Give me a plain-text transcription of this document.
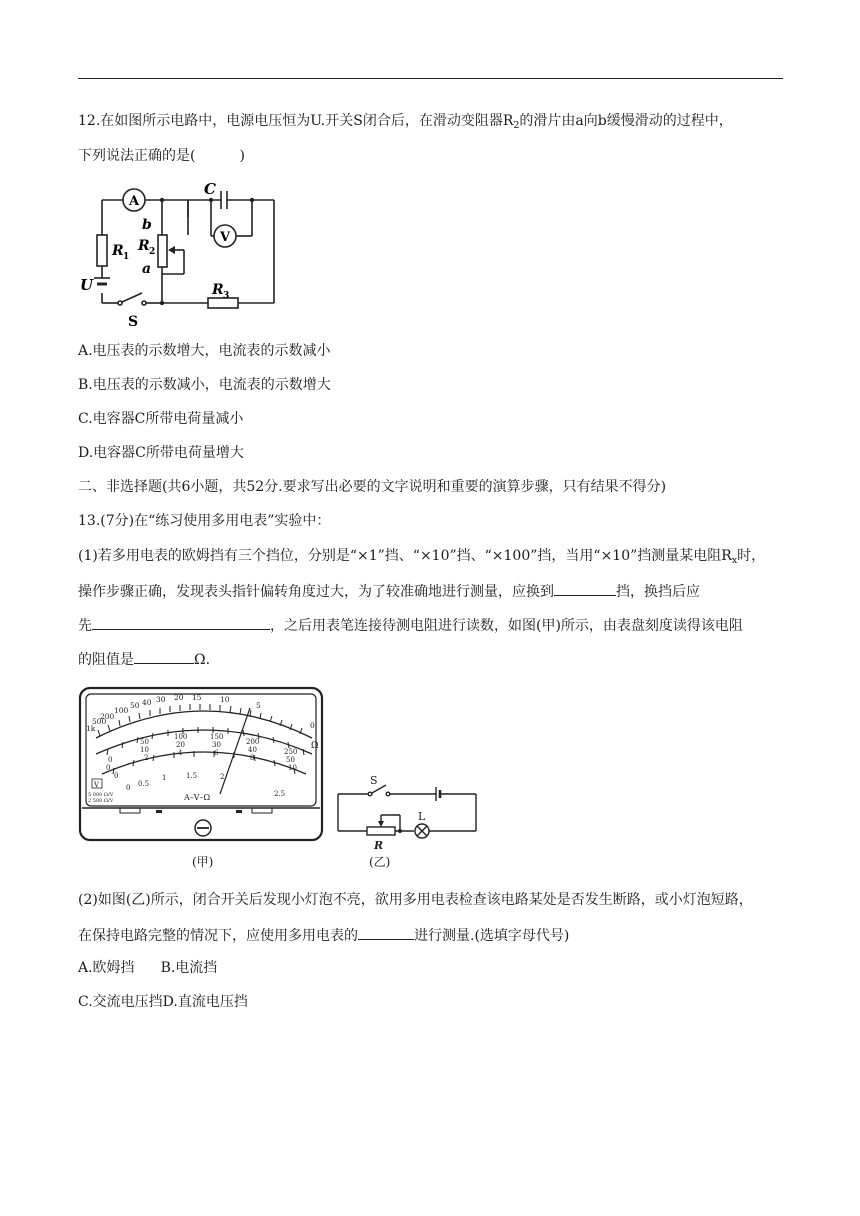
12.在如图所示电路中，电源电压恒为U.开关S闭合后，在滑动变阻器$R_2$的滑片由a向b缓慢滑动的过程中，
下列说法正确的是(	)
A
V
C
R 1
R 2
R 3
U
S
b
a
A.电压表的示数增大，电流表的示数减小
B.电压表的示数减小，电流表的示数增大
C.电容器C所带电荷量减小
D.电容器C所带电荷量增大
二、非选择题(共6小题，共52分.要求写出必要的文字说明和重要的演算步骤，只有结果不得分)
13.(7分)在“练习使用多用电表”实验中：
(1)若多用电表的欧姆挡有三个挡位，分别是“×1”挡、“×10”挡、“×100”挡，当用“×10”挡测量某电阻$R_x$时，
操作步骤正确，发现表头指针偏转角度过大，为了较准确地进行测量，应换到	挡，换挡后应
先	，之后用表笔连接待测电阻进行读数，如图(甲)所示，由表盘刻度读得该电阻
的阻值是	Ω.
500
1k
200
100
50 40 30 20 15 10
5
0
0
50
100	150
200
250
0
10
20	30
40
50
0
2
4	6
8
10
0 0.5
1	1.5	2
2.5
Ω
A–V–Ω
V
5 000 Ω/V
2 500 Ω/V
(甲)
S
L
R
(乙)
(2)如图(乙)所示，闭合开关后发现小灯泡不亮，欲用多用电表检查该电路某处是否发生断路，或小灯泡短路，
在保持电路完整的情况下，应使用多用电表的	进行测量.(选填字母代号)
A.欧姆挡 B.电流挡
C.交流电压挡D.直流电压挡
